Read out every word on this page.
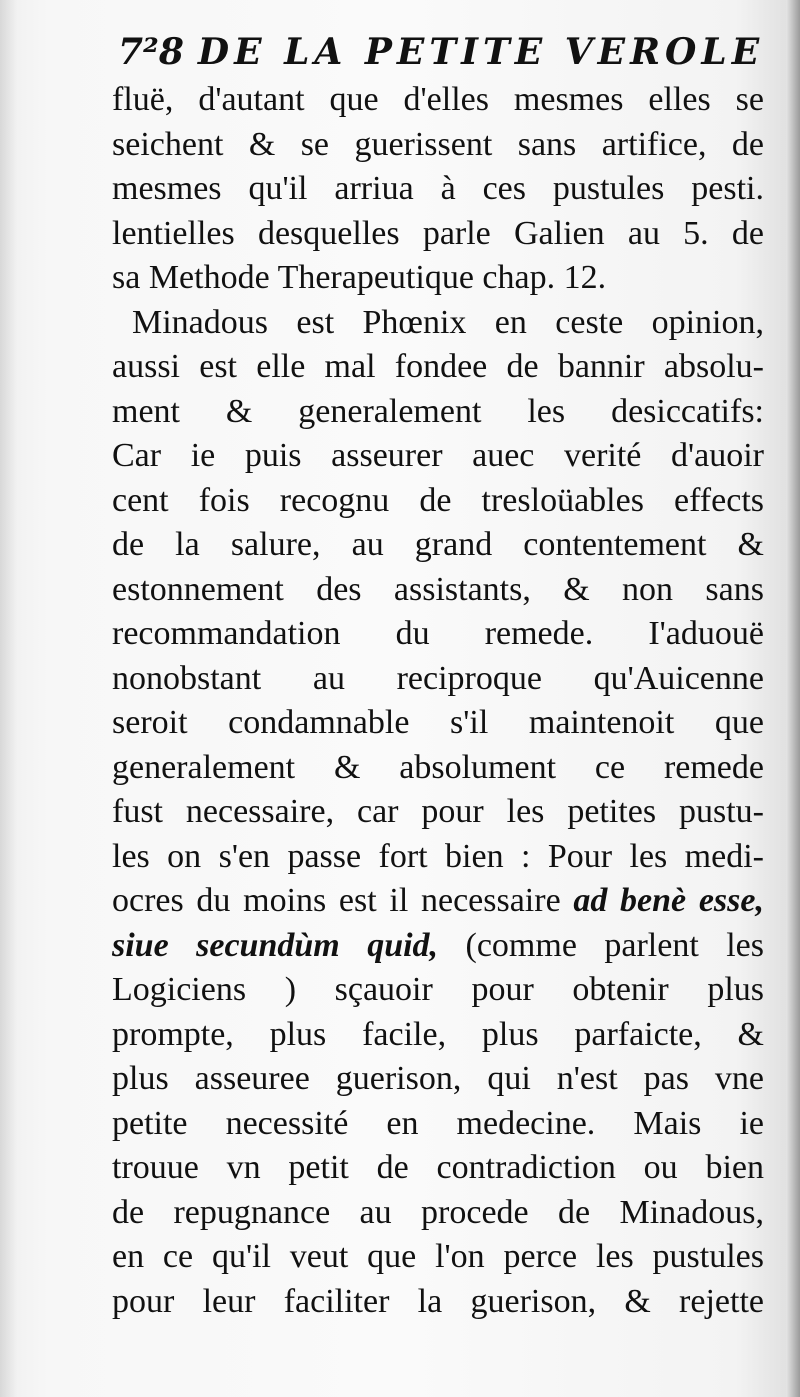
7²8 DE LA PETITE VEROLE
fluë, d'autant que d'elles mesmes elles se
seichent & se guerissent sans artifice, de
mesmes qu'il arriua à ces pustules pesti.
lentielles desquelles parle Galien au 5. de
sa Methode Therapeutique chap. 12.
Minadous est Phœnix en ceste opinion,
aussi est elle mal fondee de bannir absolu-
ment & generalement les desiccatifs:
Car ie puis asseurer auec verité d'auoir
cent fois recognu de tresloüables effects
de la salure, au grand contentement &
estonnement des assistants, & non sans
recommandation du remede. I'aduouë
nonobstant au reciproque qu'Auicenne
seroit condamnable s'il maintenoit que
generalement & absolument ce remede
fust necessaire, car pour les petites pustu-
les on s'en passe fort bien : Pour les medi-
ocres du moins est il necessaire ad benè esse,
siue secundùm quid, (comme parlent les
Logiciens ) sçauoir pour obtenir plus
prompte, plus facile, plus parfaicte, &
plus asseuree guerison, qui n'est pas vne
petite necessité en medecine. Mais ie
trouue vn petit de contradiction ou bien
de repugnance au procede de Minadous,
en ce qu'il veut que l'on perce les pustules
pour leur faciliter la guerison, & rejette
